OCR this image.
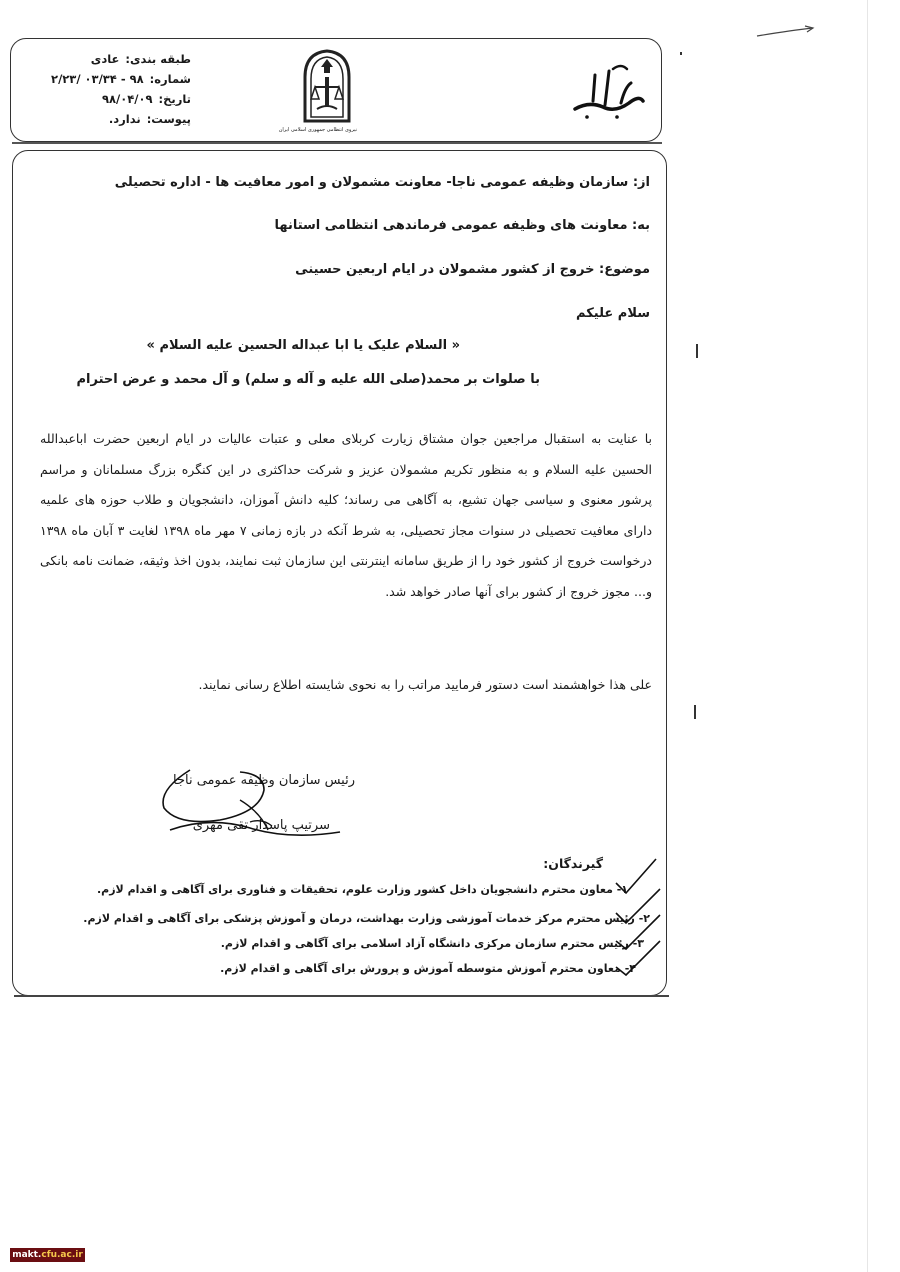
طبقه بندی:
عادی
شماره:
۹۸ - ۰۳/۳۴ /۲/۲۳
تاریخ:
۹۸/۰۴/۰۹
پیوست:
ندارد.
نیروی انتظامی جمهوری اسلامی ایران
از: سازمان وظیفه عمومی ناجا- معاونت مشمولان و امور معافیت ها - اداره تحصیلی
به: معاونت های وظیفه عمومی فرماندهی انتظامی استانها
موضوع: خروج از کشور مشمولان در ایام اربعین حسینی
سلام علیکم
« السلام علیک یا ابا عبداله الحسین علیه السلام »
با صلوات بر محمد(صلی الله علیه و آله و سلم) و آل محمد و عرض احترام
با عنایت به استقبال مراجعین جوان مشتاق زیارت کربلای معلی و عتبات عالیات در ایام اربعین حضرت اباعبدالله الحسین علیه السلام و به منظور تکریم مشمولان عزیز و شرکت حداکثری در این کنگره بزرگ مسلمانان و مراسم پرشور معنوی و سیاسی جهان تشیع، به آگاهی می رساند؛ کلیه دانش آموزان، دانشجویان و طلاب حوزه های علمیه دارای معافیت تحصیلی در سنوات مجاز تحصیلی، به شرط آنکه در بازه زمانی ۷ مهر ماه ۱۳۹۸ لغایت ۳ آبان ماه ۱۳۹۸ درخواست خروج از کشور خود را از طریق سامانه اینترنتی این سازمان ثبت نمایند، بدون اخذ وثیقه، ضمانت نامه بانکی و... مجوز خروج از کشور برای آنها صادر خواهد شد.
علی هذا خواهشمند است دستور فرمایید مراتب را به نحوی شایسته اطلاع رسانی نمایند.
رئیس سازمان وظیفه عمومی ناجا
سرتیپ پاسدار تقی مهری
گیرندگان:
۱- معاون محترم دانشجویان داخل کشور وزارت علوم، تحقیقات و فناوری برای آگاهی و اقدام لازم.
۲- رئیس محترم مرکز خدمات آموزشی وزارت بهداشت، درمان و آموزش پزشکی برای آگاهی و اقدام لازم.
۳- رئیس محترم سازمان مرکزی دانشگاه آزاد اسلامی برای آگاهی و اقدام لازم.
۴- معاون محترم آموزش متوسطه آموزش و پرورش برای آگاهی و اقدام لازم.
makt. cfu.ac.ir
